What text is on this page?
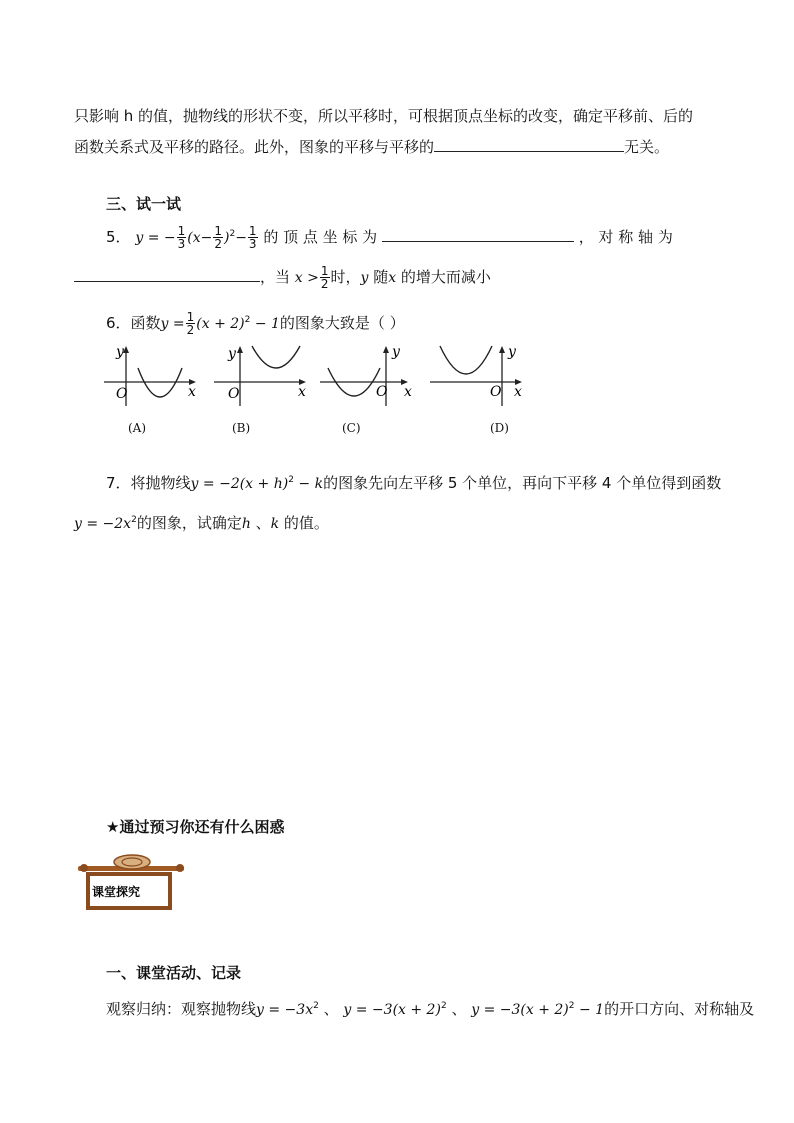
只影响 h 的值，抛物线的形状不变，所以平移时，可根据顶点坐标的改变，确定平移前、后的
函数关系式及平移的路径。此外，图象的平移与平移的	无关。
三、试一试
5． y = − $\frac{1}{3} (x- \frac{1}{2} )^2- \frac{1}{3}$ 的 顶 点 坐 标 为	， 对 称 轴 为
，当 $x > \frac{1}{2}$ 时，y 随x 的增大而减小
6．函数$y = \frac{1}{2} (x + 2)^2 - 1$的图象大致是（ ）
y
x
O
(A)
y
x
O
(B)
y
x
O
(C)
y
x
O
(D)
7．将抛物线$y = -2(x + h)^2 - k$的图象先向左平移 5 个单位，再向下平移 4 个单位得到函数
$y = -2x^2$的图象，试确定h 、k 的值。
★通过预习你还有什么困惑
课堂探究
一、课堂活动、记录
观察归纳：观察抛物线$y = -3x^2$ 、 $y = -3(x + 2)^2$ 、 $y = -3(x + 2)^2 - 1$的开口方向、对称轴及
